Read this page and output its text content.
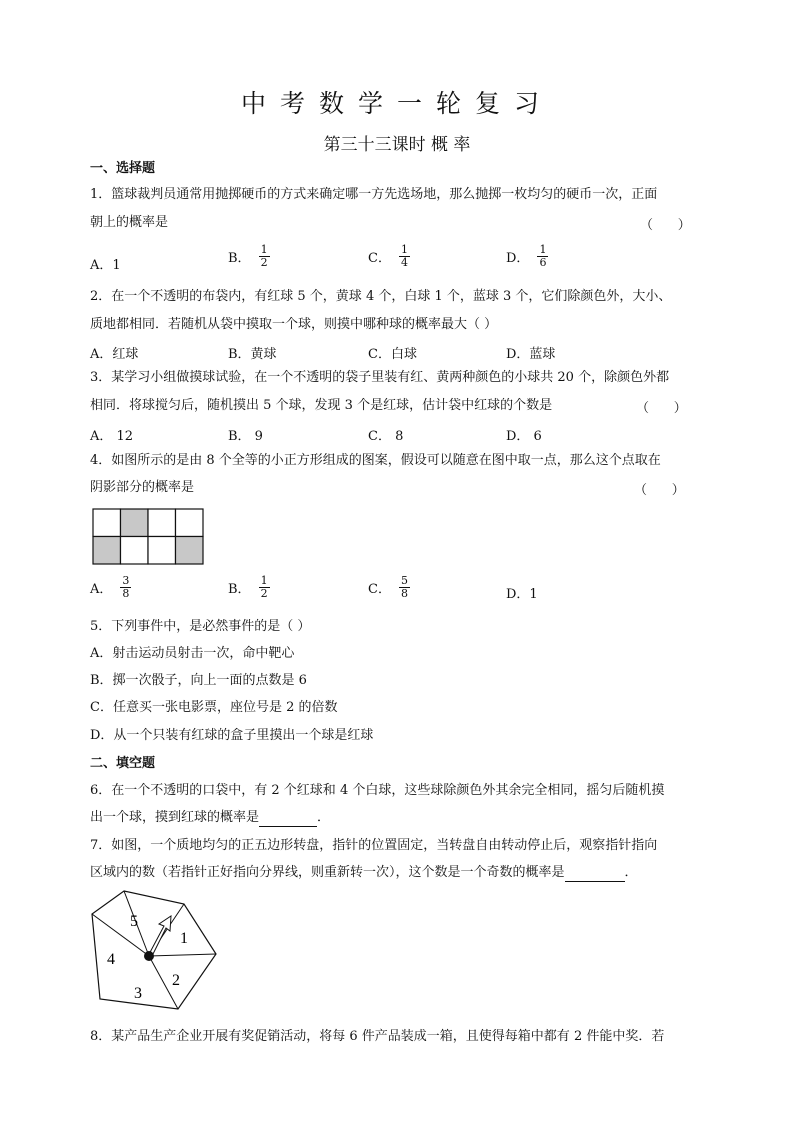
中考数学一轮复习
第三十三课时 概 率
一、选择题
1．篮球裁判员通常用抛掷硬币的方式来确定哪一方先选场地，那么抛掷一枚均匀的硬币一次，正面
朝上的概率是	（      ）
A．1	B． $\frac{1}{2}$	C． $\frac{1}{4}$	D． $\frac{1}{6}$
2．在一个不透明的布袋内，有红球 5 个，黄球 4 个，白球 1 个，蓝球 3 个，它们除颜色外，大小、
质地都相同．若随机从袋中摸取一个球，则摸中哪种球的概率最大（ ）
A．红球	B．黄球	C．白球	D．蓝球
3．某学习小组做摸球试验，在一个不透明的袋子里装有红、黄两种颜色的小球共 20 个，除颜色外都
相同．将球搅匀后，随机摸出 5 个球，发现 3 个是红球，估计袋中红球的个数是	（      ）
A． 12	B． 9	C． 8	D． 6
4．如图所示的是由 8 个全等的小正方形组成的图案，假设可以随意在图中取一点，那么这个点取在
阴影部分的概率是	（      ）
A． $\frac{3}{8}$	B． $\frac{1}{2}$	C． $\frac{5}{8}$	D．1
5．下列事件中，是必然事件的是（ ）
A．射击运动员射击一次，命中靶心
B．掷一次骰子，向上一面的点数是 6
C．任意买一张电影票，座位号是 2 的倍数
D．从一个只装有红球的盒子里摸出一个球是红球
二、填空题
6．在一个不透明的口袋中，有 2 个红球和 4 个白球，这些球除颜色外其余完全相同，摇匀后随机摸
出一个球，摸到红球的概率是	．
7．如图，一个质地均匀的正五边形转盘，指针的位置固定，当转盘自由转动停止后，观察指针指向
区域内的数（若指针正好指向分界线，则重新转一次），这个数是一个奇数的概率是	．
5
1
2
3
4
8．某产品生产企业开展有奖促销活动，将每 6 件产品装成一箱，且使得每箱中都有 2 件能中奖．若
